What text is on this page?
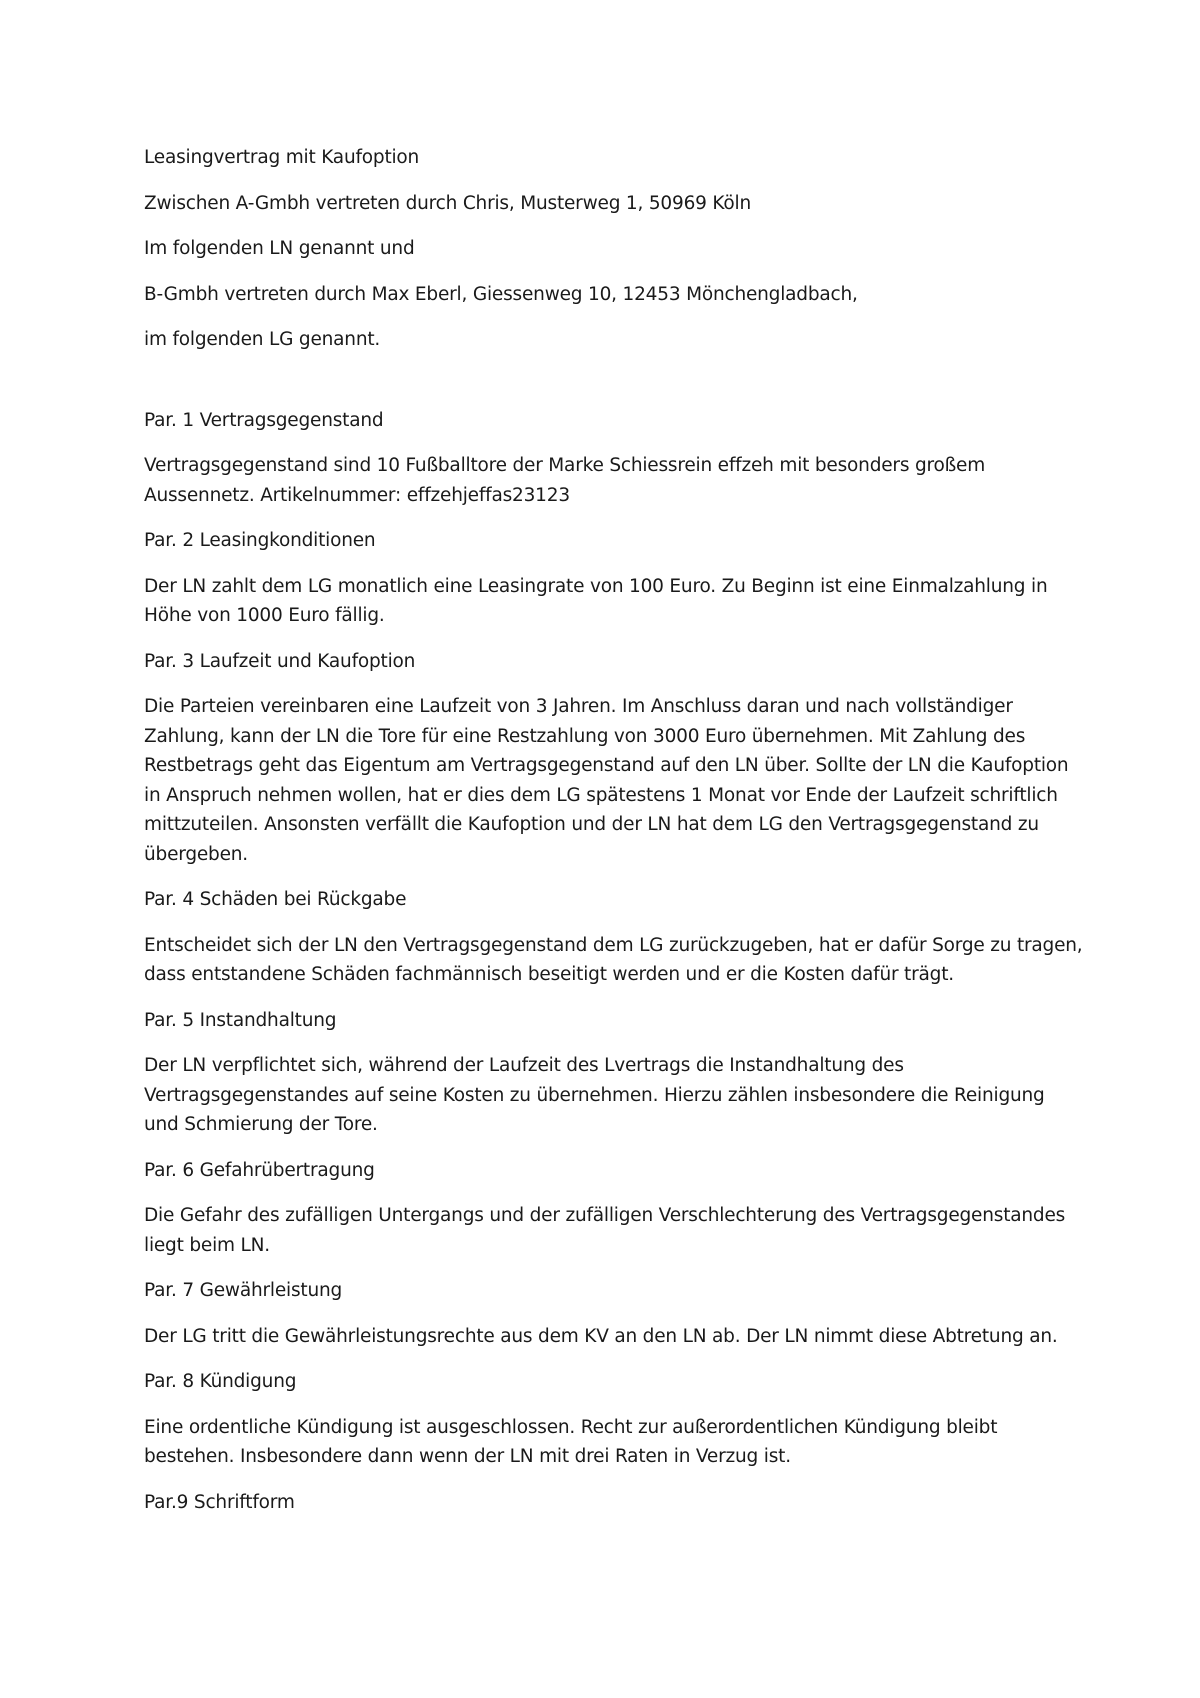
Leasingvertrag mit Kaufoption

Zwischen A-Gmbh vertreten durch Chris, Musterweg 1, 50969 Köln

Im folgenden LN genannt und

B-Gmbh vertreten durch Max Eberl, Giessenweg 10, 12453 Mönchengladbach,

im folgenden LG genannt.

Par. 1 Vertragsgegenstand

Vertragsgegenstand sind 10 Fußballtore der Marke Schiessrein effzeh mit besonders großem

Aussennetz. Artikelnummer: effzehjeffas23123

Par. 2 Leasingkonditionen

Der LN zahlt dem LG monatlich eine Leasingrate von 100 Euro. Zu Beginn ist eine Einmalzahlung in

Höhe von 1000 Euro fällig.

Par. 3 Laufzeit und Kaufoption

Die Parteien vereinbaren eine Laufzeit von 3 Jahren. Im Anschluss daran und nach vollständiger

Zahlung, kann der LN die Tore für eine Restzahlung von 3000 Euro übernehmen. Mit Zahlung des

Restbetrags geht das Eigentum am Vertragsgegenstand auf den LN über. Sollte der LN die Kaufoption

in Anspruch nehmen wollen, hat er dies dem LG spätestens 1 Monat vor Ende der Laufzeit schriftlich

mittzuteilen. Ansonsten verfällt die Kaufoption und der LN hat dem LG den Vertragsgegenstand zu

übergeben.

Par. 4 Schäden bei Rückgabe

Entscheidet sich der LN den Vertragsgegenstand dem LG zurückzugeben, hat er dafür Sorge zu tragen,

dass entstandene Schäden fachmännisch beseitigt werden und er die Kosten dafür trägt.

Par. 5 Instandhaltung

Der LN verpflichtet sich, während der Laufzeit des Lvertrags die Instandhaltung des

Vertragsgegenstandes auf seine Kosten zu übernehmen. Hierzu zählen insbesondere die Reinigung

und Schmierung der Tore.

Par. 6 Gefahrübertragung

Die Gefahr des zufälligen Untergangs und der zufälligen Verschlechterung des Vertragsgegenstandes

liegt beim LN.

Par. 7 Gewährleistung

Der LG tritt die Gewährleistungsrechte aus dem KV an den LN ab. Der LN nimmt diese Abtretung an.

Par. 8 Kündigung

Eine ordentliche Kündigung ist ausgeschlossen. Recht zur außerordentlichen Kündigung bleibt

bestehen. Insbesondere dann wenn der LN mit drei Raten in Verzug ist.

Par.9 Schriftform
